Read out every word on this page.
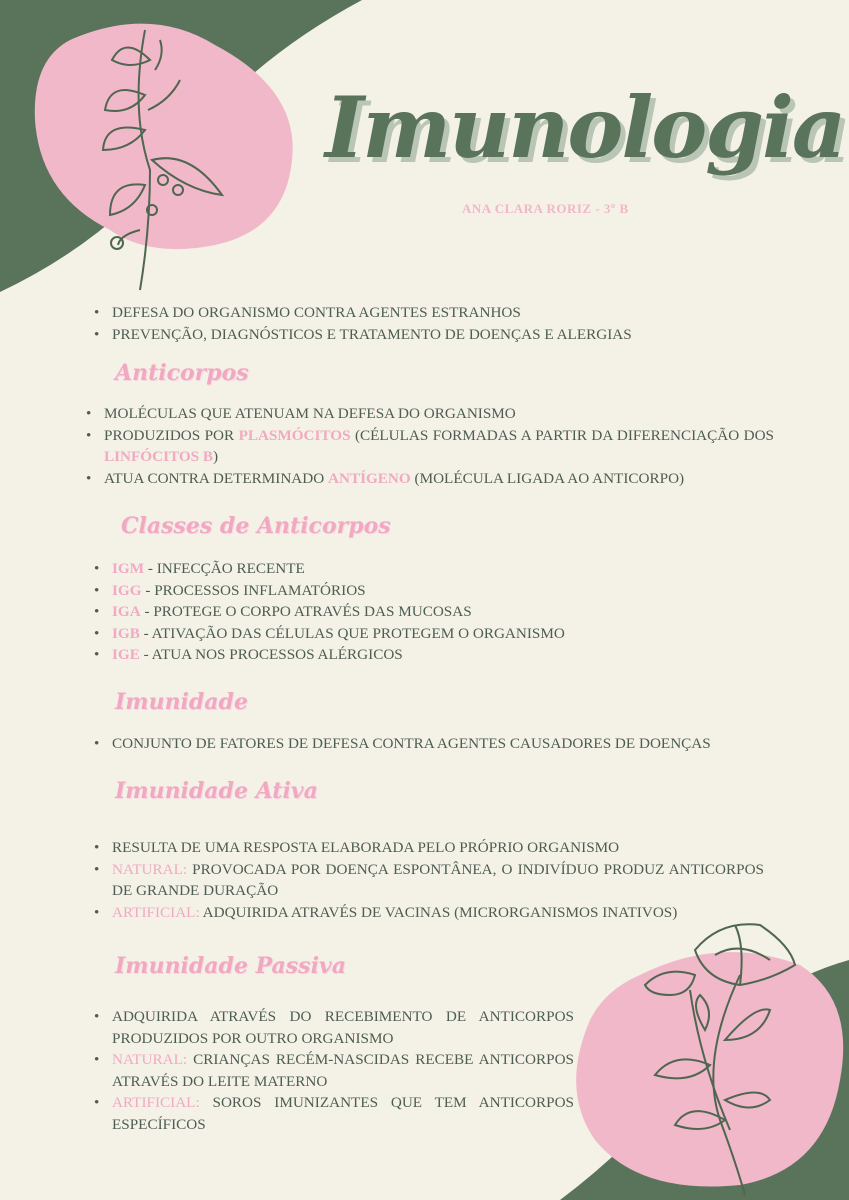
Imunologia
ANA CLARA RORIZ - 3º B
• DEFESA DO ORGANISMO CONTRA AGENTES ESTRANHOS
• PREVENÇÃO, DIAGNÓSTICOS E TRATAMENTO DE DOENÇAS E ALERGIAS
Anticorpos
• MOLÉCULAS QUE ATENUAM NA DEFESA DO ORGANISMO
• PRODUZIDOS POR PLASMÓCITOS (CÉLULAS FORMADAS A PARTIR DA DIFERENCIAÇÃO DOS LINFÓCITOS B)
• ATUA CONTRA DETERMINADO ANTÍGENO (MOLÉCULA LIGADA AO ANTICORPO)
Classes de Anticorpos
• IGM - INFECÇÃO RECENTE
• IGG - PROCESSOS INFLAMATÓRIOS
• IGA - PROTEGE O CORPO ATRAVÉS DAS MUCOSAS
• IGB - ATIVAÇÃO DAS CÉLULAS QUE PROTEGEM O ORGANISMO
• IGE - ATUA NOS PROCESSOS ALÉRGICOS
Imunidade
• CONJUNTO DE FATORES DE DEFESA CONTRA AGENTES CAUSADORES DE DOENÇAS
Imunidade Ativa
• RESULTA DE UMA RESPOSTA ELABORADA PELO PRÓPRIO ORGANISMO
• NATURAL: PROVOCADA POR DOENÇA ESPONTÂNEA, O INDIVÍDUO PRODUZ ANTICORPOS DE GRANDE DURAÇÃO
• ARTIFICIAL: ADQUIRIDA ATRAVÉS DE VACINAS (MICRORGANISMOS INATIVOS)
Imunidade Passiva
• ADQUIRIDA ATRAVÉS DO RECEBIMENTO DE ANTICORPOS PRODUZIDOS POR OUTRO ORGANISMO
• NATURAL: CRIANÇAS RECÉM-NASCIDAS RECEBE ANTICORPOS ATRAVÉS DO LEITE MATERNO
• ARTIFICIAL: SOROS IMUNIZANTES QUE TEM ANTICORPOS ESPECÍFICOS
